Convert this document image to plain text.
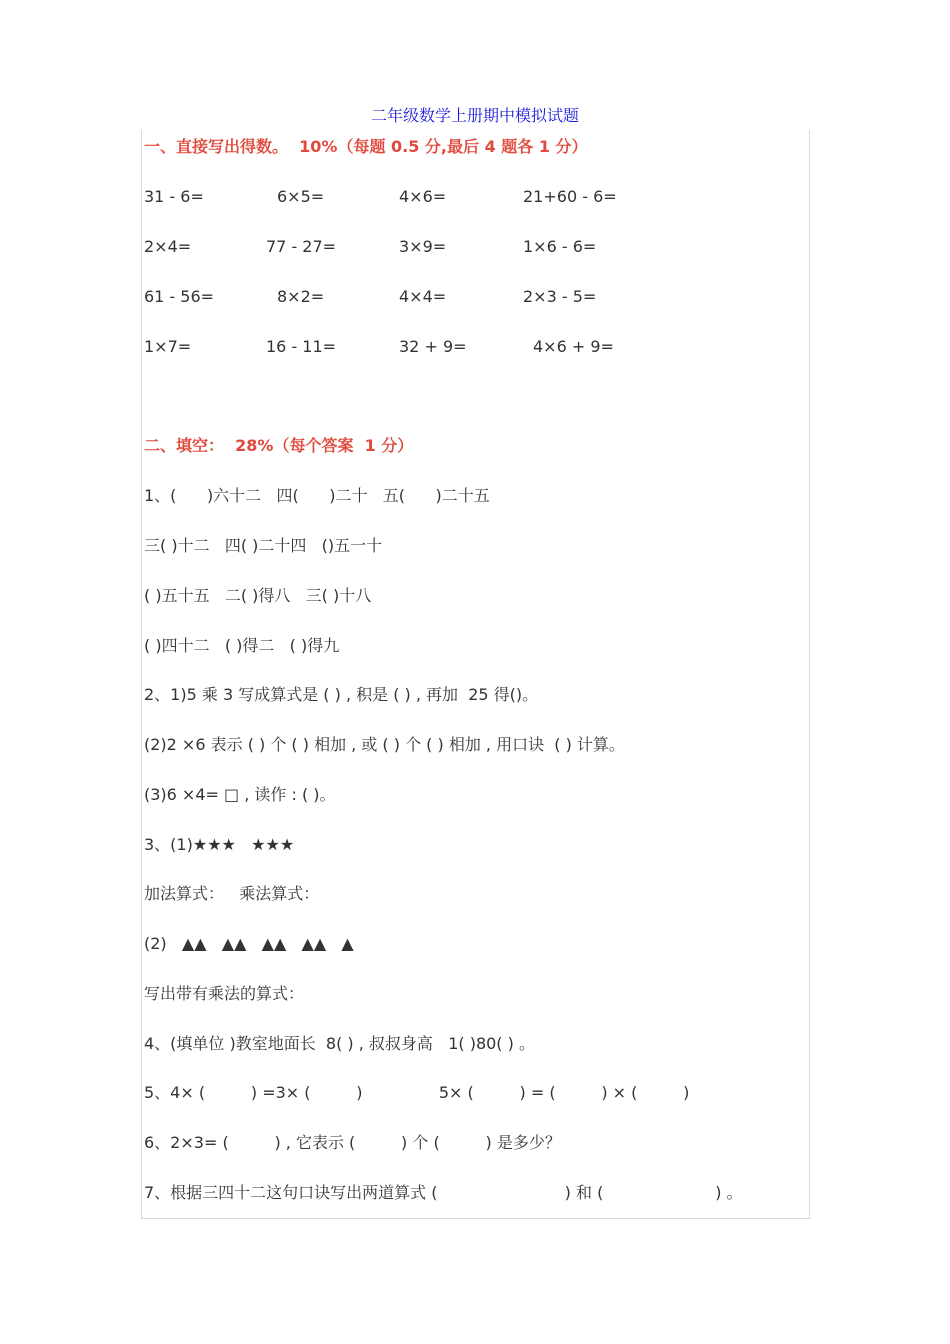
二年级数学上册期中模拟试题
一、直接写出得数。  10%（每题 0.5 分,最后 4 题各 1 分）
31 - 6=	6×5=	4×6=	21+60 - 6=
2×4=	77 - 27=	3×9=	1×6 - 6=
61 - 56=	8×2=	4×4=	2×3 - 5=
1×7=	16 - 11=	32 + 9=	4×6 + 9=
二、填空：  28%（每个答案  1 分）
1、(      )六十二   四(      )二十   五(      )二十五
三( )十二   四( )二十四   ()五一十
( )五十五   二( )得八   三( )十八
( )四十二   ( )得二   ( )得九
2、1)5 乘 3 写成算式是 ( ) , 积是 ( ) , 再加  25 得()。
(2)2 ×6 表示 ( ) 个 ( ) 相加 , 或 ( ) 个 ( ) 相加 , 用口诀  ( ) 计算。
(3)6 ×4= □ , 读作 : ( )。
3、(1)★★★   ★★★
加法算式：   乘法算式：
(2)   ▲▲   ▲▲   ▲▲   ▲▲   ▲
写出带有乘法的算式：
4、(填单位 )教室地面长  8( ) , 叔叔身高   1( )80( ) 。
5、4× (         ) =3× (         )               5× (         ) = (         ) × (         )
6、2×3= (         ) , 它表示 (         ) 个 (         ) 是多少？
7、根据三四十二这句口诀写出两道算式 (                         ) 和 (                      ) 。
